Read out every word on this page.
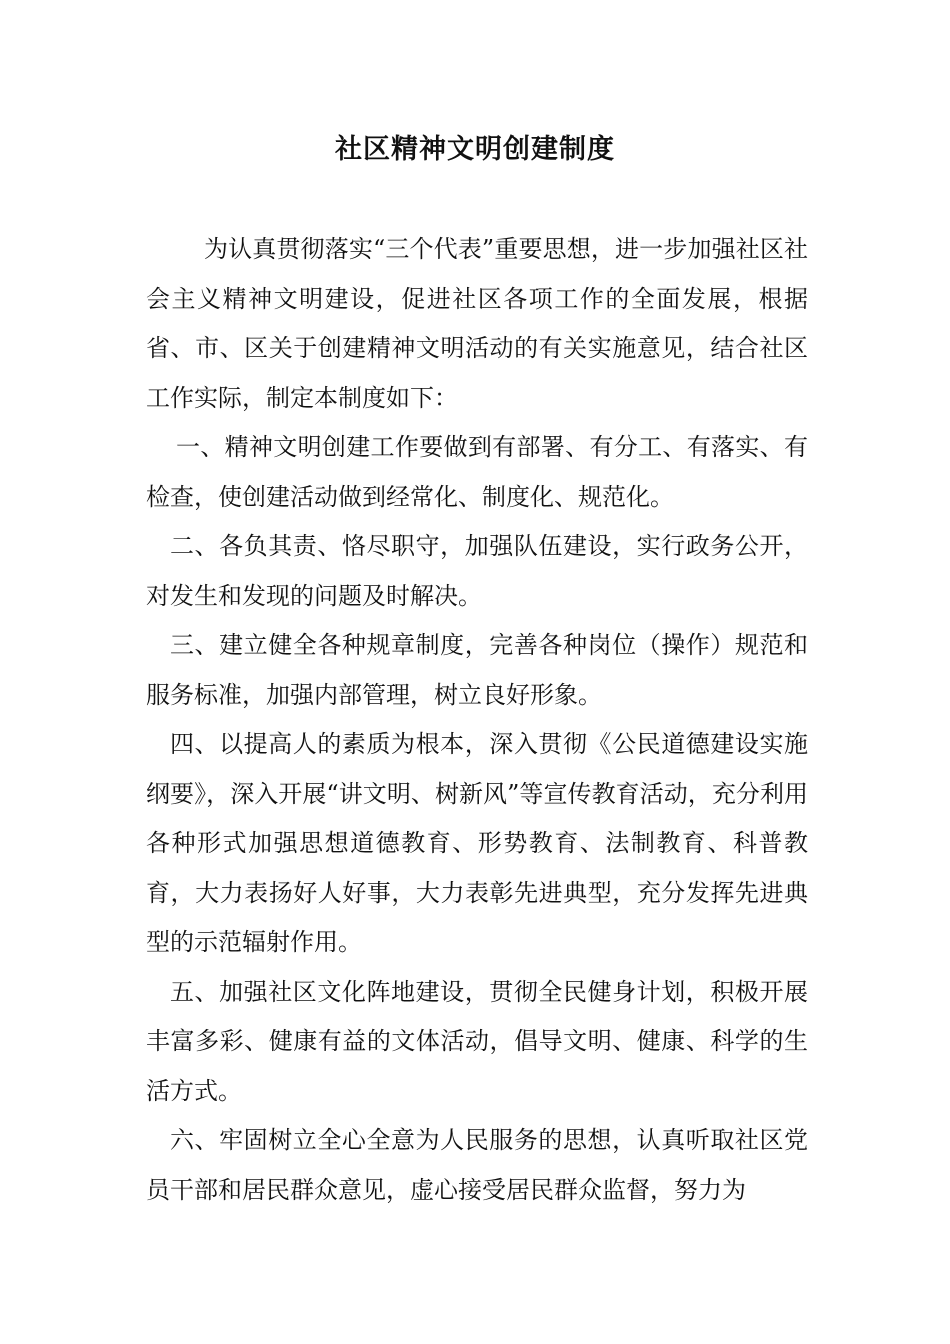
社区精神文明创建制度

为认真贯彻落实“三个代表”重要思想，进一步加强社区社会主义精神文明建设，促进社区各项工作的全面发展，根据省、市、区关于创建精神文明活动的有关实施意见，结合社区工作实际，制定本制度如下：

一、精神文明创建工作要做到有部署、有分工、有落实、有检查，使创建活动做到经常化、制度化、规范化。

二、各负其责、恪尽职守，加强队伍建设，实行政务公开，对发生和发现的问题及时解决。

三、建立健全各种规章制度，完善各种岗位（操作）规范和服务标准，加强内部管理，树立良好形象。

四、以提高人的素质为根本，深入贯彻《公民道德建设实施纲要》，深入开展“讲文明、树新风”等宣传教育活动，充分利用各种形式加强思想道德教育、形势教育、法制教育、科普教育，大力表扬好人好事，大力表彰先进典型，充分发挥先进典型的示范辐射作用。

五、加强社区文化阵地建设，贯彻全民健身计划，积极开展丰富多彩、健康有益的文体活动，倡导文明、健康、科学的生活方式。

六、牢固树立全心全意为人民服务的思想，认真听取社区党员干部和居民群众意见，虚心接受居民群众监督，努力为
